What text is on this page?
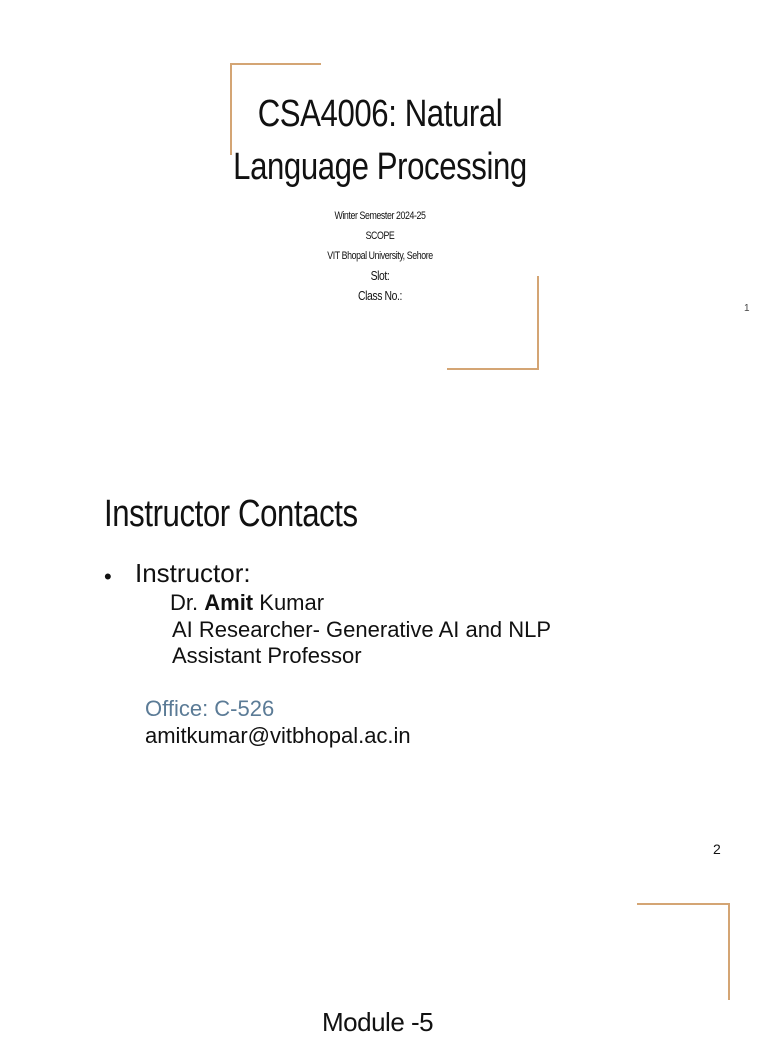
CSA4006: Natural
Language Processing
Winter Semester 2024-25
SCOPE
VIT Bhopal University, Sehore
Slot:
Class No.:
1
Instructor Contacts
• Instructor:
Dr. Amit Kumar
AI Researcher- Generative AI and NLP
Assistant Professor
Office: C-526
amitkumar@vitbhopal.ac.in
2
Module -5
